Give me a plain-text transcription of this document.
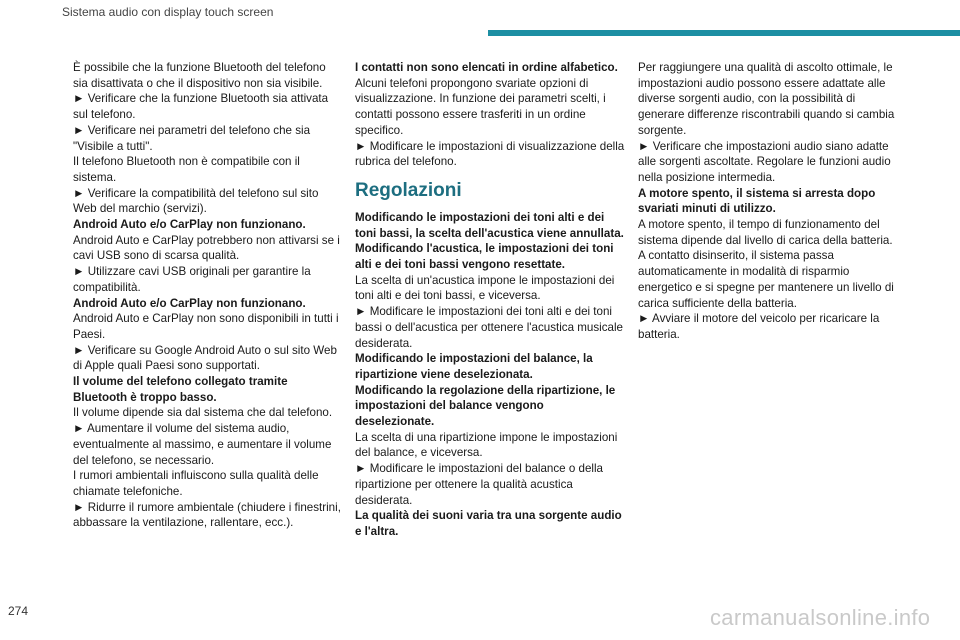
Sistema audio con display touch screen

È possibile che la funzione Bluetooth del telefono sia disattivata o che il dispositivo non sia visibile.

► Verificare che la funzione Bluetooth sia attivata sul telefono.

► Verificare nei parametri del telefono che sia "Visibile a tutti".

Il telefono Bluetooth non è compatibile con il sistema.

► Verificare la compatibilità del telefono sul sito Web del marchio (servizi).

Android Auto e/o CarPlay non funzionano.

Android Auto e CarPlay potrebbero non attivarsi se i cavi USB sono di scarsa qualità.

► Utilizzare cavi USB originali per garantire la compatibilità.

Android Auto e/o CarPlay non funzionano.

Android Auto e CarPlay non sono disponibili in tutti i Paesi.

► Verificare su Google Android Auto o sul sito Web di Apple quali Paesi sono supportati.

Il volume del telefono collegato tramite Bluetooth è troppo basso.

Il volume dipende sia dal sistema che dal telefono.

► Aumentare il volume del sistema audio, eventualmente al massimo, e aumentare il volume del telefono, se necessario.

I rumori ambientali influiscono sulla qualità delle chiamate telefoniche.

► Ridurre il rumore ambientale (chiudere i finestrini, abbassare la ventilazione, rallentare, ecc.).

I contatti non sono elencati in ordine alfabetico.

Alcuni telefoni propongono svariate opzioni di visualizzazione. In funzione dei parametri scelti, i contatti possono essere trasferiti in un ordine specifico.

► Modificare le impostazioni di visualizzazione della rubrica del telefono.

Regolazioni

Modificando le impostazioni dei toni alti e dei toni bassi, la scelta dell'acustica viene annullata.

Modificando l'acustica, le impostazioni dei toni alti e dei toni bassi vengono resettate.

La scelta di un'acustica impone le impostazioni dei toni alti e dei toni bassi, e viceversa.

► Modificare le impostazioni dei toni alti e dei toni bassi o dell'acustica per ottenere l'acustica musicale desiderata.

Modificando le impostazioni del balance, la ripartizione viene deselezionata.

Modificando la regolazione della ripartizione, le impostazioni del balance vengono deselezionate.

La scelta di una ripartizione impone le impostazioni del balance, e viceversa.

► Modificare le impostazioni del balance o della ripartizione per ottenere la qualità acustica desiderata.

La qualità dei suoni varia tra una sorgente audio e l'altra.

Per raggiungere una qualità di ascolto ottimale, le impostazioni audio possono essere adattate alle diverse sorgenti audio, con la possibilità di generare differenze riscontrabili quando si cambia sorgente.

► Verificare che impostazioni audio siano adatte alle sorgenti ascoltate. Regolare le funzioni audio nella posizione intermedia.

A motore spento, il sistema si arresta dopo svariati minuti di utilizzo.

A motore spento, il tempo di funzionamento del sistema dipende dal livello di carica della batteria.

A contatto disinserito, il sistema passa automaticamente in modalità di risparmio energetico e si spegne per mantenere un livello di carica sufficiente della batteria.

► Avviare il motore del veicolo per ricaricare la batteria.

274	carmanualsonline.info
